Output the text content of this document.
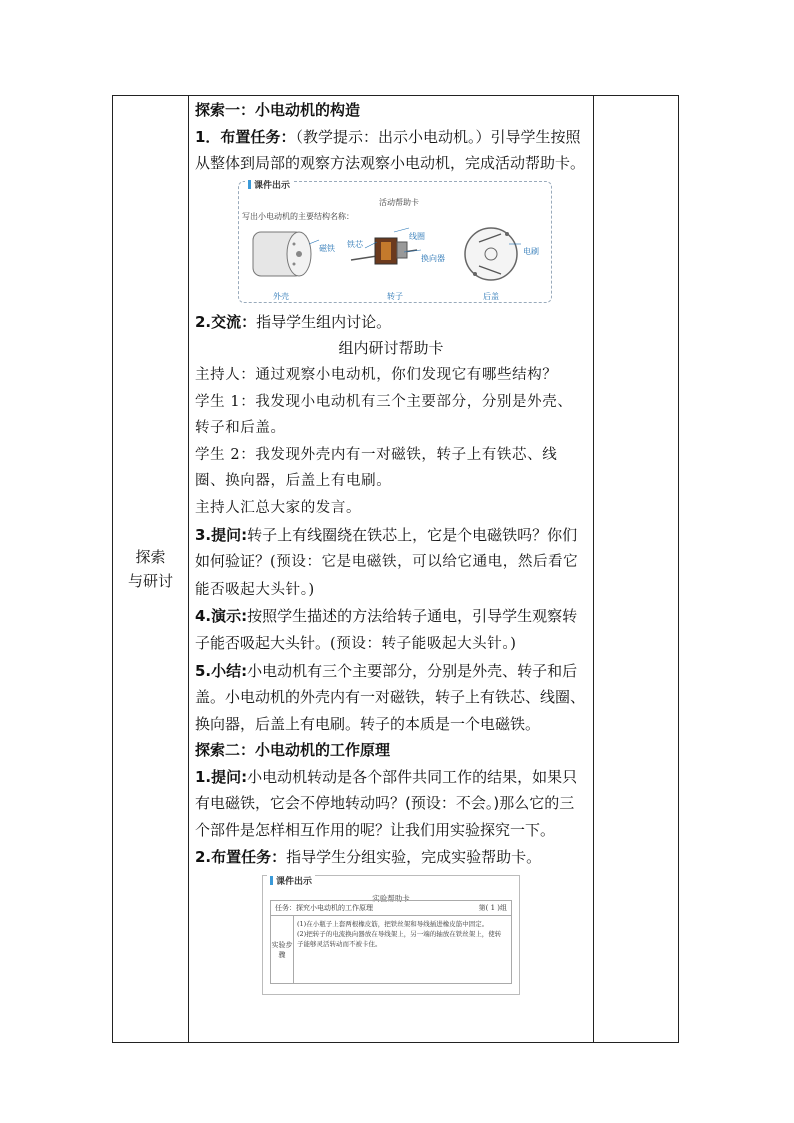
探索
与研讨

探索一：小电动机的构造

1．布置任务：（教学提示：出示小电动机。）引导学生按照从整体到局部的观察方法观察小电动机，完成活动帮助卡。

课件出示
活动帮助卡
写出小电动机的主要结构名称：
磁铁 铁芯
线圈
换向器
电刷
外壳	转子	后盖

2.交流：指导学生组内讨论。

组内研讨帮助卡

主持人：通过观察小电动机，你们发现它有哪些结构？

学生 1：我发现小电动机有三个主要部分，分别是外壳、转子和后盖。

学生 2：我发现外壳内有一对磁铁，转子上有铁芯、线圈、换向器，后盖上有电刷。

主持人汇总大家的发言。

3.提问:转子上有线圈绕在铁芯上，它是个电磁铁吗？你们如何验证？(预设：它是电磁铁，可以给它通电，然后看它能否吸起大头针。)

4.演示:按照学生描述的方法给转子通电，引导学生观察转子能否吸起大头针。(预设：转子能吸起大头针。)

5.小结:小电动机有三个主要部分，分别是外壳、转子和后盖。小电动机的外壳内有一对磁铁，转子上有铁芯、线圈、换向器，后盖上有电刷。转子的本质是一个电磁铁。

探索二：小电动机的工作原理

1.提问:小电动机转动是各个部件共同工作的结果，如果只有电磁铁，它会不停地转动吗？(预设：不会。)那么它的三个部件是怎样相互作用的呢？让我们用实验探究一下。

2.布置任务：指导学生分组实验，完成实验帮助卡。

课件出示
实验帮助卡
任务：探究小电动机的工作原理	第( 1 )组
实验步骤
(1)在小瓶子上套两根橡皮筋，把铁丝架和导线插进橡皮筋中固定。
(2)把转子的电流换向器放在导线架上，另一端的轴放在铁丝架上，使转子能够灵活转动而不被卡住。
